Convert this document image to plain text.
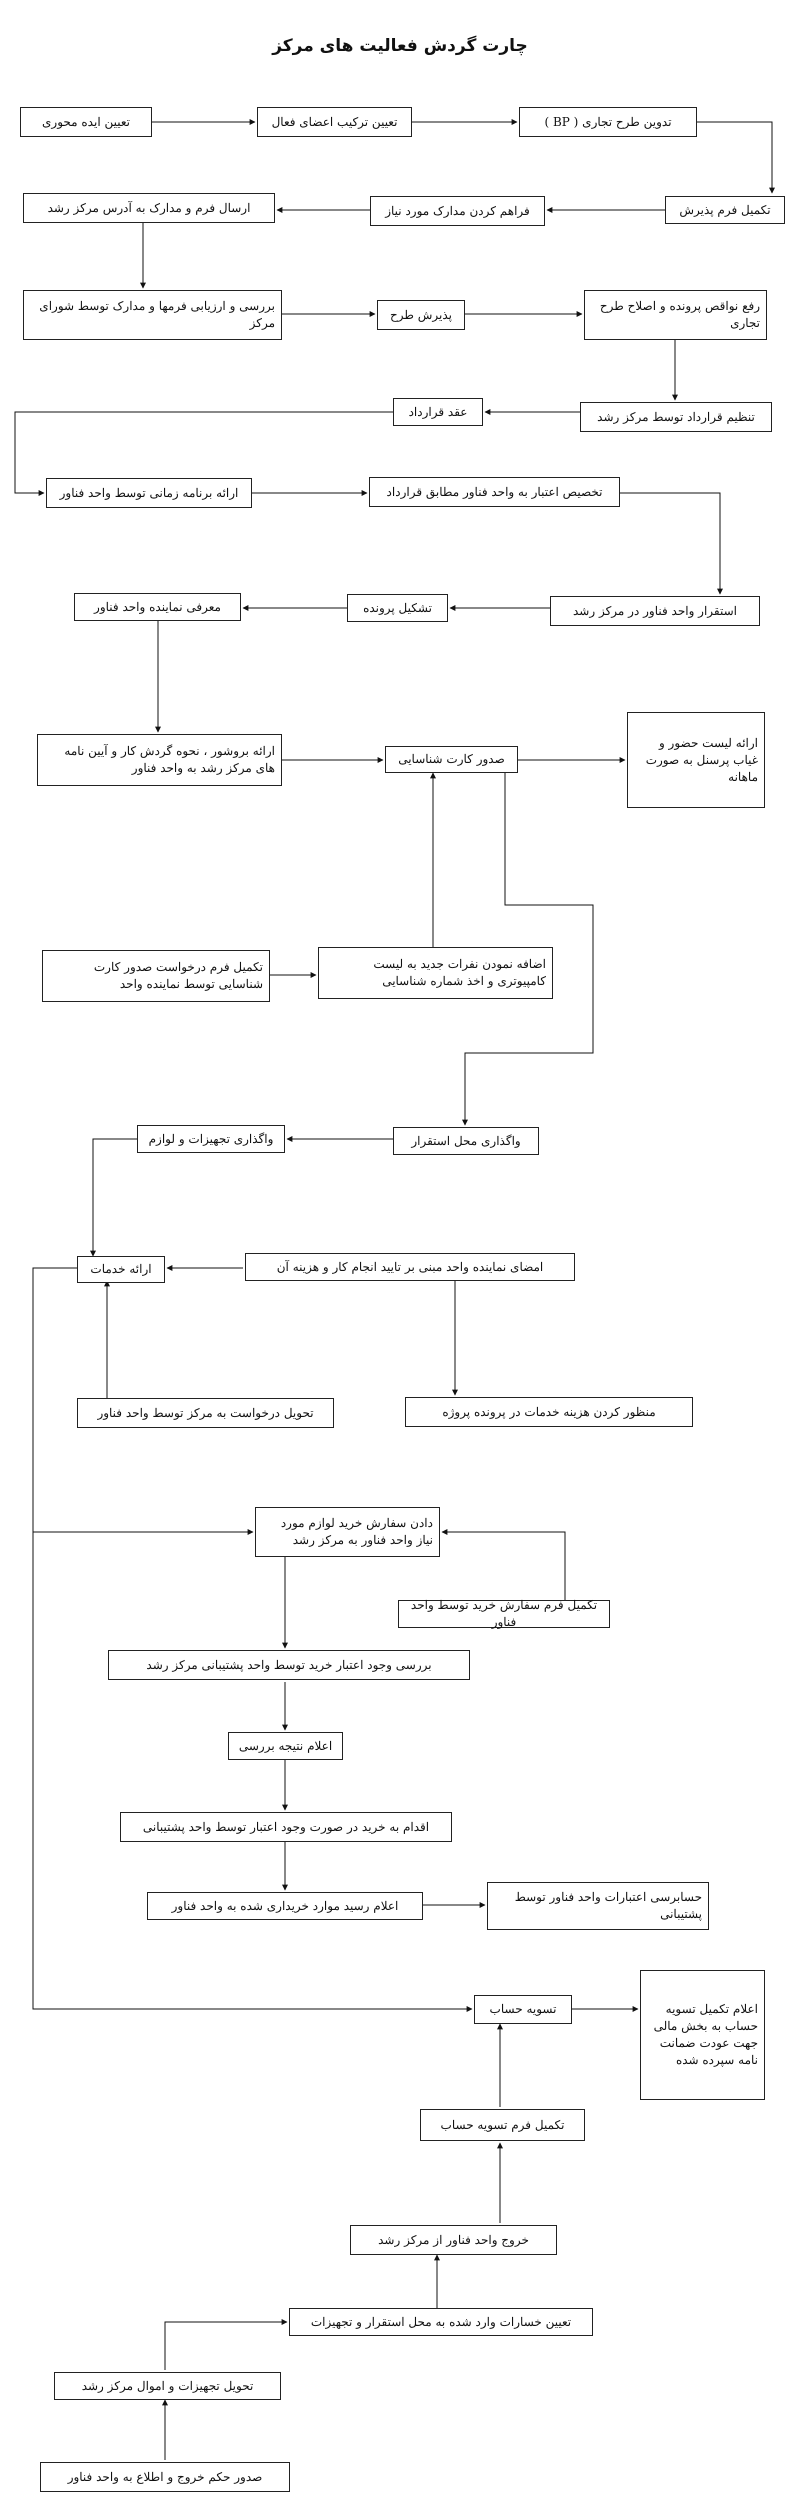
چارت گردش فعالیت های مرکز
تعیین ایده محوری	تعیین ترکیب اعضای فعال	تدوین طرح تجاری ( BP )
تکمیل فرم پذیرش
فراهم کردن مدارک مورد نیاز
ارسال فرم و مدارک به آدرس مرکز رشد
بررسی و ارزیابی فرمها و مدارک توسط شورای مرکز
پذیرش طرح
رفع نواقص پرونده و اصلاح طرح تجاری
تنظیم قرارداد توسط مرکز رشد
عقد قرارداد
ارائه برنامه زمانی توسط واحد فناور	تخصیص اعتبار به واحد فناور مطابق قرارداد
استقرار واحد فناور در مرکز رشد
تشکیل پرونده
معرفی نماینده واحد فناور
ارائه بروشور ، نحوه گردش کار و آیین نامه های مرکز رشد به واحد فناور
صدور کارت شناسایی
ارائه لیست حضور و غیاب پرسنل به صورت ماهانه
تکمیل فرم درخواست صدور کارت شناسایی توسط نماینده واحد
اضافه نمودن نفرات جدید به لیست کامپیوتری و اخذ شماره شناسایی
واگذاری محل استقرار
واگذاری تجهیزات و لوازم
ارائه خدمات	امضای نماینده واحد مبنی بر تایید انجام کار و هزینه آن
تحویل درخواست به مرکز توسط واحد فناور	منظور کردن هزینه خدمات در پرونده پروژه
دادن سفارش خرید لوازم مورد نیاز واحد فناور به مرکز رشد
تکمیل فرم سفارش خرید توسط واحد فناور
بررسی وجود اعتبار خرید توسط واحد پشتیبانی مرکز رشد
اعلام نتیجه بررسی
اقدام به خرید در صورت وجود اعتبار توسط واحد پشتیبانی
اعلام رسید موارد خریداری شده به واحد فناور
حسابرسی اعتبارات واحد فناور توسط پشتیبانی
تسویه حساب	اعلام تکمیل تسویه حساب به بخش مالی جهت عودت ضمانت نامه سپرده شده
تکمیل فرم تسویه حساب
خروج واحد فناور از مرکز رشد
تعیین خسارات وارد شده به محل استقرار و تجهیزات
تحویل تجهیزات و اموال مرکز رشد
صدور حکم خروج و اطلاع به واحد فناور
